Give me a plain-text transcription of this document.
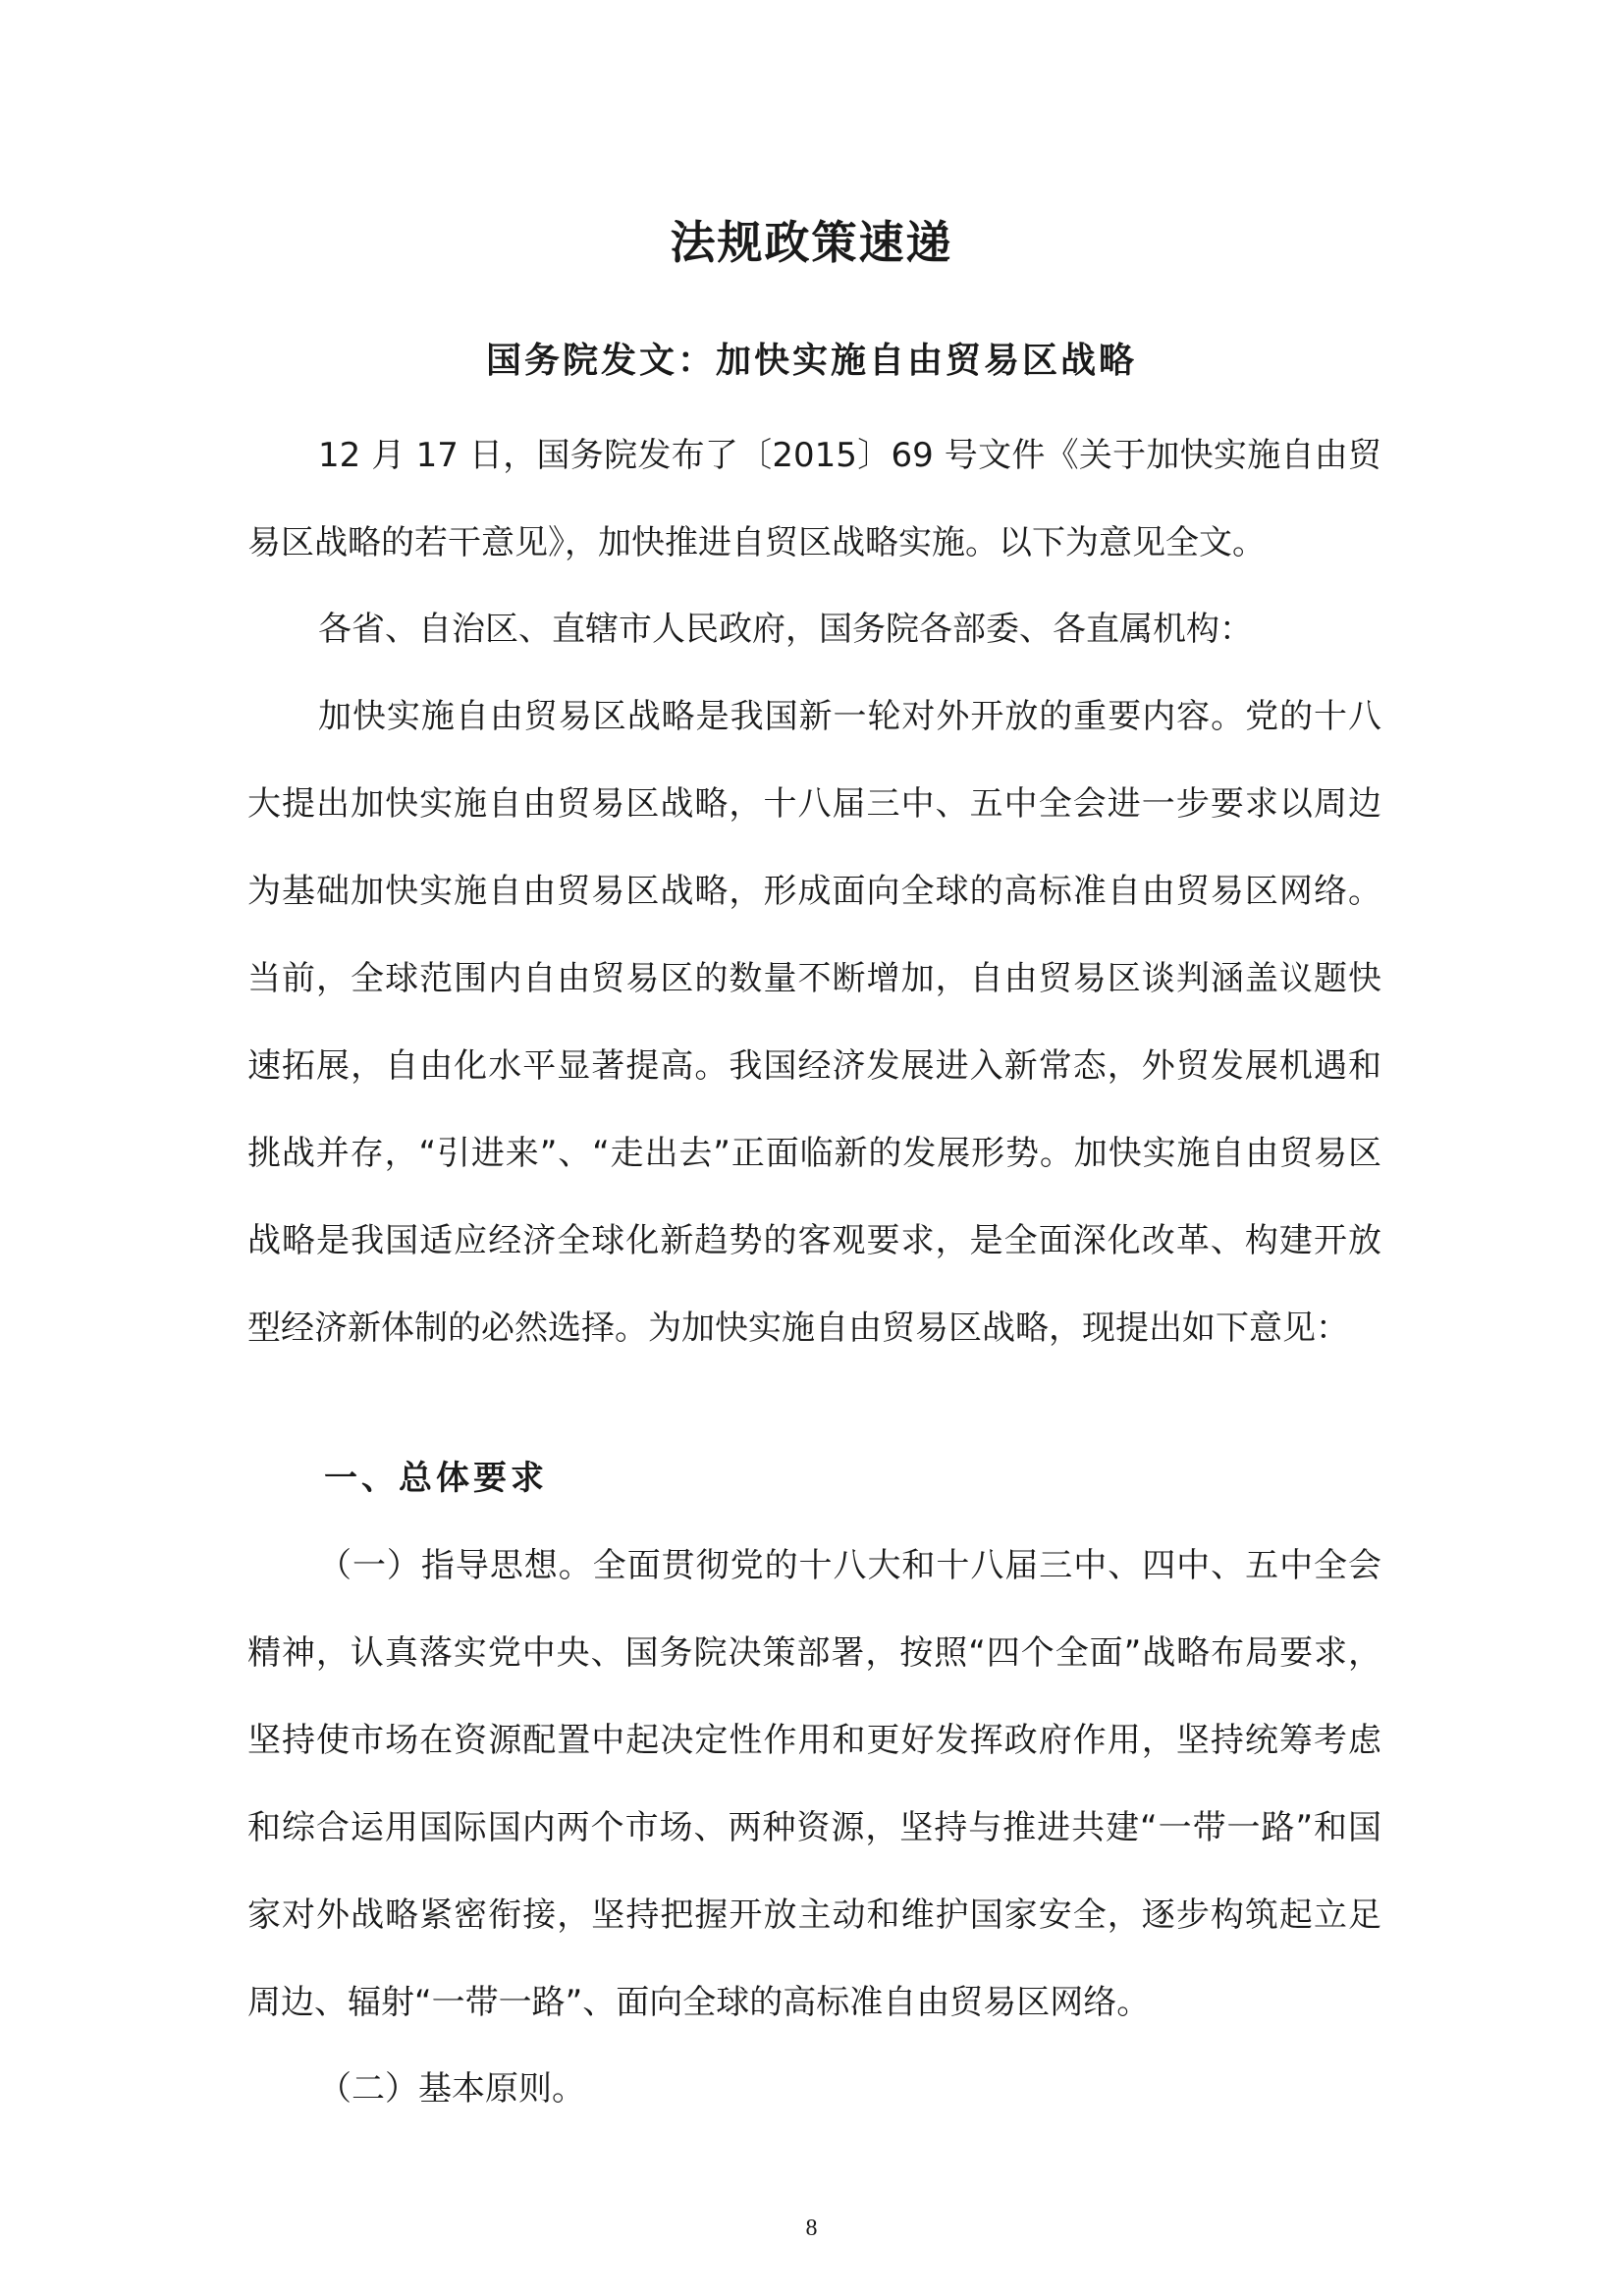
法规政策速递
国务院发文：加快实施自由贸易区战略

12 月 17 日，国务院发布了〔2015〕69 号文件《关于加快实施自由贸易区战略的若干意见》，加快推进自贸区战略实施。以下为意见全文。

各省、自治区、直辖市人民政府，国务院各部委、各直属机构：

加快实施自由贸易区战略是我国新一轮对外开放的重要内容。党的十八大提出加快实施自由贸易区战略，十八届三中、五中全会进一步要求以周边为基础加快实施自由贸易区战略，形成面向全球的高标准自由贸易区网络。当前，全球范围内自由贸易区的数量不断增加，自由贸易区谈判涵盖议题快速拓展，自由化水平显著提高。我国经济发展进入新常态，外贸发展机遇和挑战并存，“引进来”、“走出去”正面临新的发展形势。加快实施自由贸易区战略是我国适应经济全球化新趋势的客观要求，是全面深化改革、构建开放型经济新体制的必然选择。为加快实施自由贸易区战略，现提出如下意见：

一、总体要求

（一）指导思想。全面贯彻党的十八大和十八届三中、四中、五中全会精神，认真落实党中央、国务院决策部署，按照“四个全面”战略布局要求，坚持使市场在资源配置中起决定性作用和更好发挥政府作用，坚持统筹考虑和综合运用国际国内两个市场、两种资源，坚持与推进共建“一带一路”和国家对外战略紧密衔接，坚持把握开放主动和维护国家安全，逐步构筑起立足周边、辐射“一带一路”、面向全球的高标准自由贸易区网络。

（二）基本原则。

8
